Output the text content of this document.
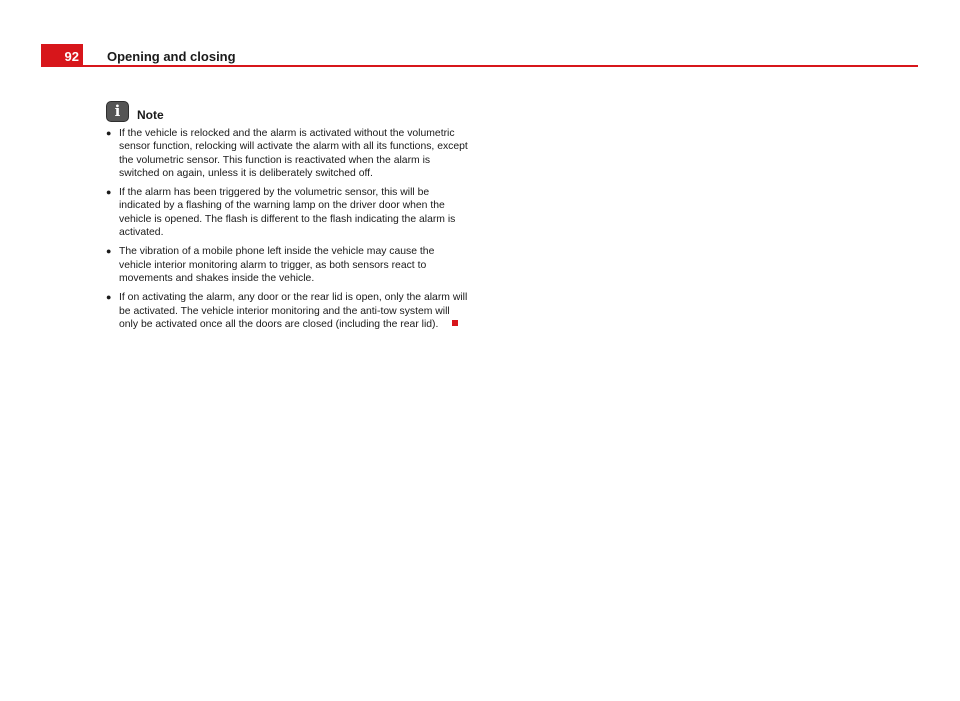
92	Opening and closing
i	Note

● If the vehicle is relocked and the alarm is activated without the volumetric sensor function, relocking will activate the alarm with all its functions, except the volumetric sensor. This function is reactivated when the alarm is switched on again, unless it is deliberately switched off.

● If the alarm has been triggered by the volumetric sensor, this will be indicated by a flashing of the warning lamp on the driver door when the vehicle is opened. The flash is different to the flash indicating the alarm is activated.

● The vibration of a mobile phone left inside the vehicle may cause the vehicle interior monitoring alarm to trigger, as both sensors react to movements and shakes inside the vehicle.

● If on activating the alarm, any door or the rear lid is open, only the alarm will be activated. The vehicle interior monitoring and the anti-tow system will only be activated once all the doors are closed (including the rear lid).
